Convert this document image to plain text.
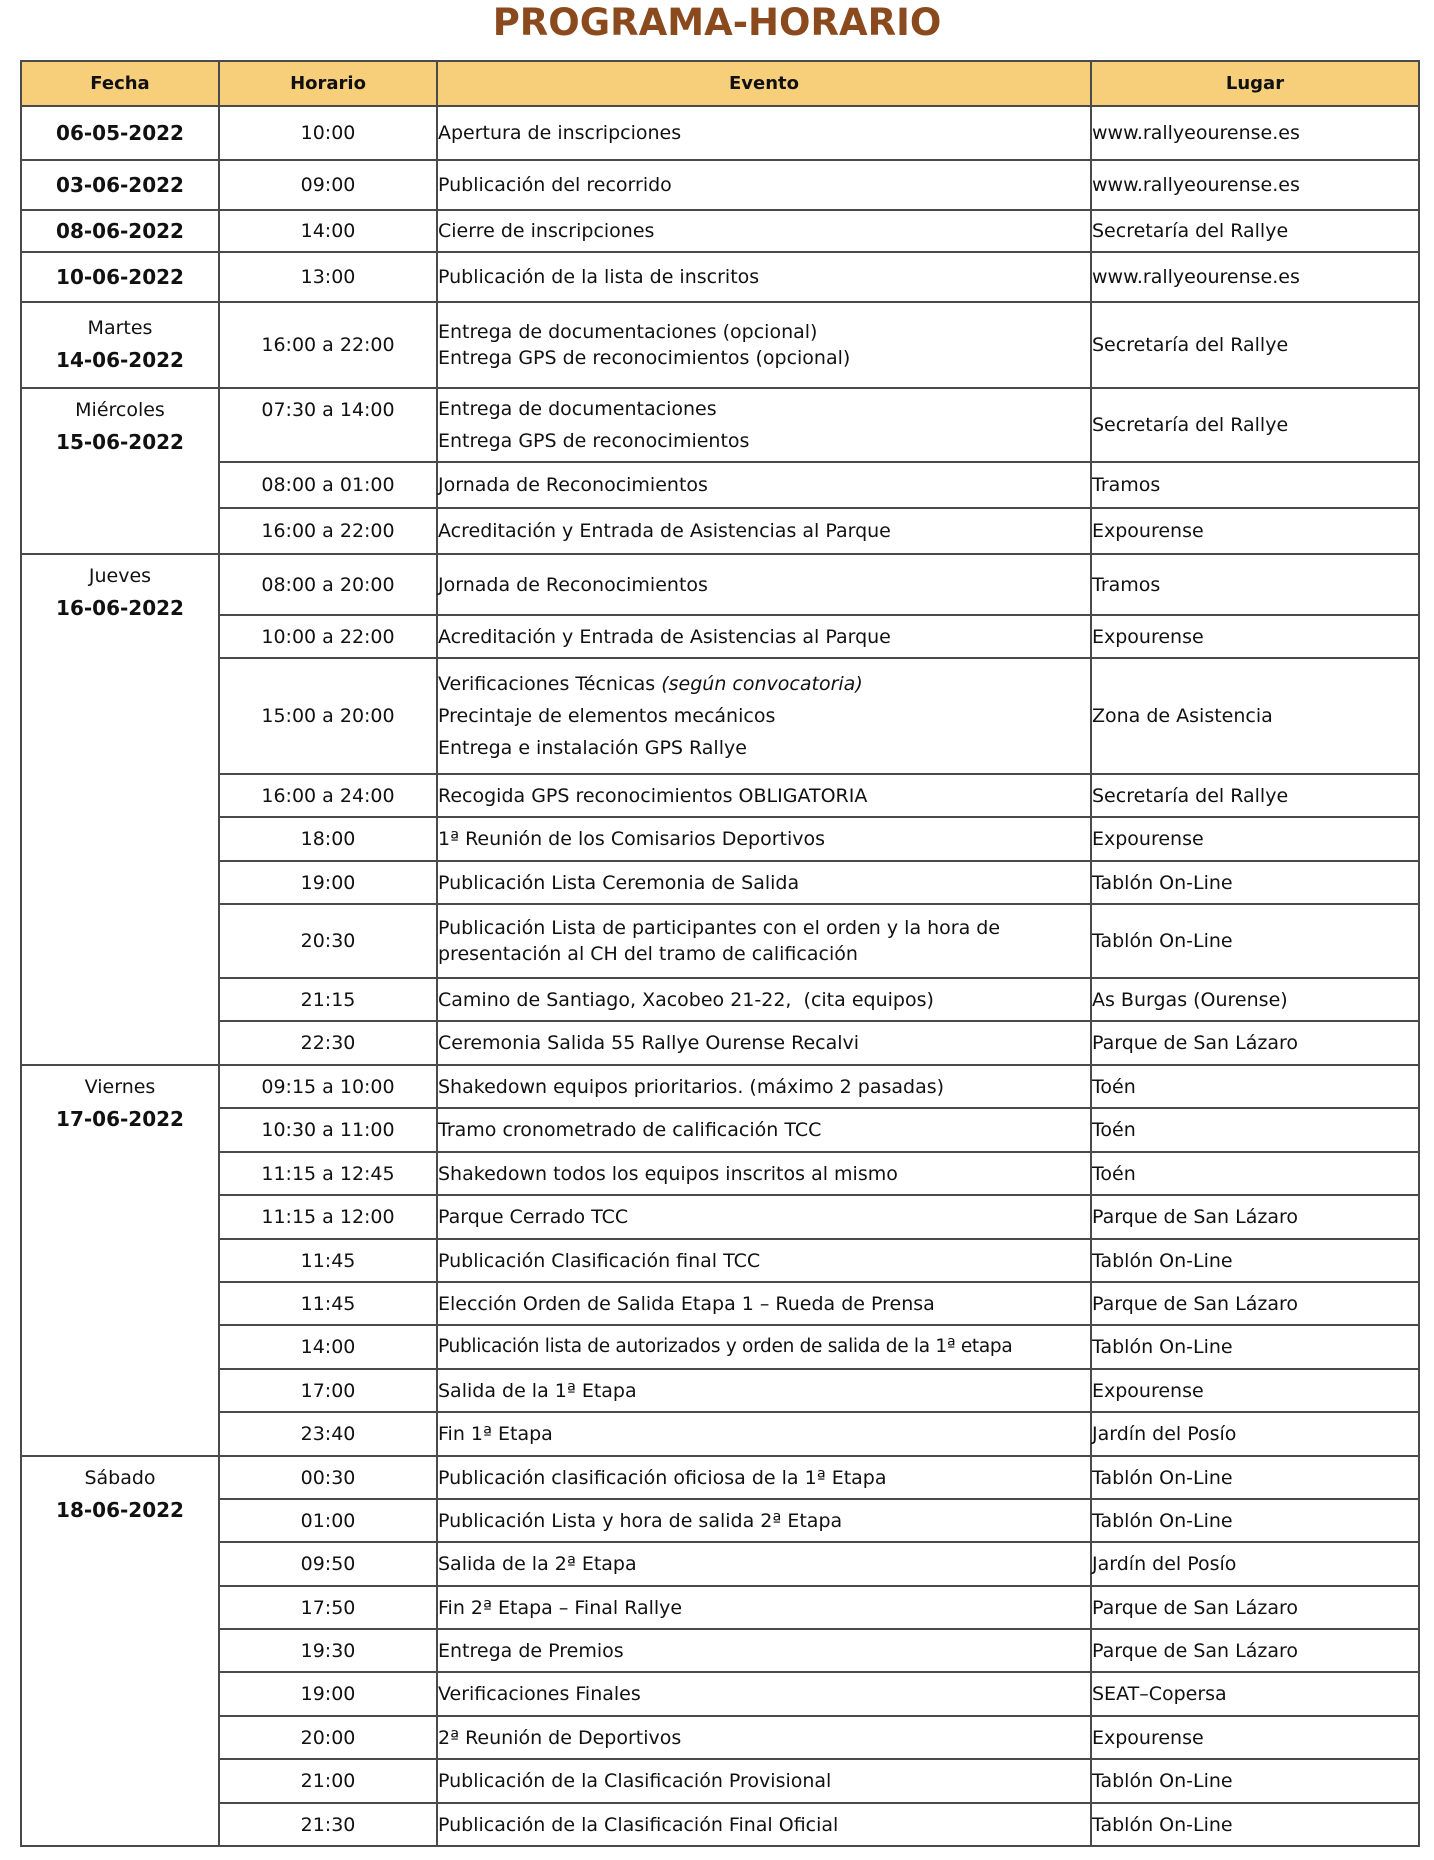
PROGRAMA-HORARIO
Fecha	Horario	Evento	Lugar

06-05-2022	10:00	Apertura de inscripciones	www.rallyeourense.es

03-06-2022	09:00	Publicación del recorrido	www.rallyeourense.es

08-06-2022	14:00	Cierre de inscripciones	Secretaría del Rallye

10-06-2022	13:00	Publicación de la lista de inscritos	www.rallyeourense.es

Martes
14-06-2022	16:00 a 22:00	Entrega de documentaciones (opcional)
Entrega GPS de reconocimientos (opcional)	Secretaría del Rallye

Miércoles
15-06-2022	07:30 a 14:00	Entrega de documentaciones
Entrega GPS de reconocimientos	Secretaría del Rallye
	08:00 a 01:00	Jornada de Reconocimientos	Tramos
	16:00 a 22:00	Acreditación y Entrada de Asistencias al Parque	Expourense

Jueves
16-06-2022	08:00 a 20:00	Jornada de Reconocimientos	Tramos
	10:00 a 22:00	Acreditación y Entrada de Asistencias al Parque	Expourense
	15:00 a 20:00	Verificaciones Técnicas (según convocatoria)
Precintaje de elementos mecánicos
Entrega e instalación GPS Rallye	Zona de Asistencia
	16:00 a 24:00	Recogida GPS reconocimientos OBLIGATORIA	Secretaría del Rallye
	18:00	1ª Reunión de los Comisarios Deportivos	Expourense
	19:00	Publicación Lista Ceremonia de Salida	Tablón On-Line
	20:30	Publicación Lista de participantes con el orden y la hora de
presentación al CH del tramo de calificación	Tablón On-Line
	21:15	Camino de Santiago, Xacobeo 21-22,  (cita equipos)	As Burgas (Ourense)
	22:30	Ceremonia Salida 55 Rallye Ourense Recalvi	Parque de San Lázaro

Viernes
17-06-2022	09:15 a 10:00	Shakedown equipos prioritarios. (máximo 2 pasadas)	Toén
	10:30 a 11:00	Tramo cronometrado de calificación TCC	Toén
	11:15 a 12:45	Shakedown todos los equipos inscritos al mismo	Toén
	11:15 a 12:00	Parque Cerrado TCC	Parque de San Lázaro
	11:45	Publicación Clasificación final TCC	Tablón On-Line
	11:45	Elección Orden de Salida Etapa 1 – Rueda de Prensa	Parque de San Lázaro
	14:00	Publicación lista de autorizados y orden de salida de la 1ª etapa	Tablón On-Line
	17:00	Salida de la 1ª Etapa	Expourense
	23:40	Fin 1ª Etapa	Jardín del Posío

Sábado
18-06-2022	00:30	Publicación clasificación oficiosa de la 1ª Etapa	Tablón On-Line
	01:00	Publicación Lista y hora de salida 2ª Etapa	Tablón On-Line
	09:50	Salida de la 2ª Etapa	Jardín del Posío
	17:50	Fin 2ª Etapa – Final Rallye	Parque de San Lázaro
	19:30	Entrega de Premios	Parque de San Lázaro
	19:00	Verificaciones Finales	SEAT–Copersa
	20:00	2ª Reunión de Deportivos	Expourense
	21:00	Publicación de la Clasificación Provisional	Tablón On-Line
	21:30	Publicación de la Clasificación Final Oficial	Tablón On-Line
